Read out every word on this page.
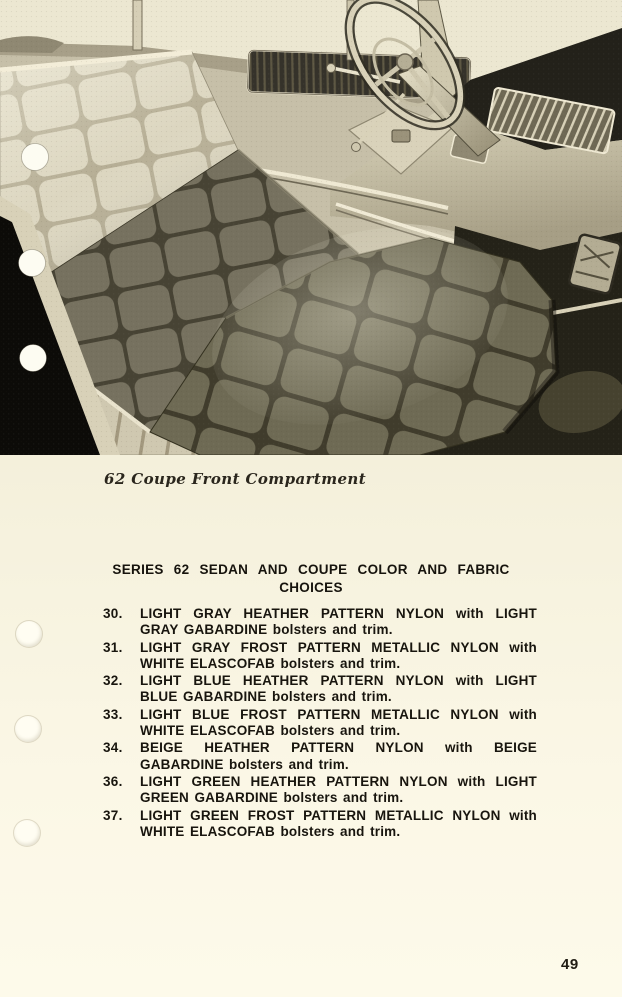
62 Coupe Front Compartment
SERIES 62 SEDAN AND COUPE COLOR AND FABRIC
CHOICES
30.	LIGHT GRAY HEATHER PATTERN NYLON with LIGHT GRAY GABARDINE bolsters and trim.
31.	LIGHT GRAY FROST PATTERN METALLIC NYLON with WHITE ELASCOFAB bolsters and trim.
32.	LIGHT BLUE HEATHER PATTERN NYLON with LIGHT BLUE GABARDINE bolsters and trim.
33.	LIGHT BLUE FROST PATTERN METALLIC NYLON with WHITE ELASCOFAB bolsters and trim.
34.	BEIGE HEATHER PATTERN NYLON with BEIGE GABARDINE bolsters and trim.
36.	LIGHT GREEN HEATHER PATTERN NYLON with LIGHT GREEN GABARDINE bolsters and trim.
37.	LIGHT GREEN FROST PATTERN METALLIC NYLON with WHITE ELASCOFAB bolsters and trim.
49
